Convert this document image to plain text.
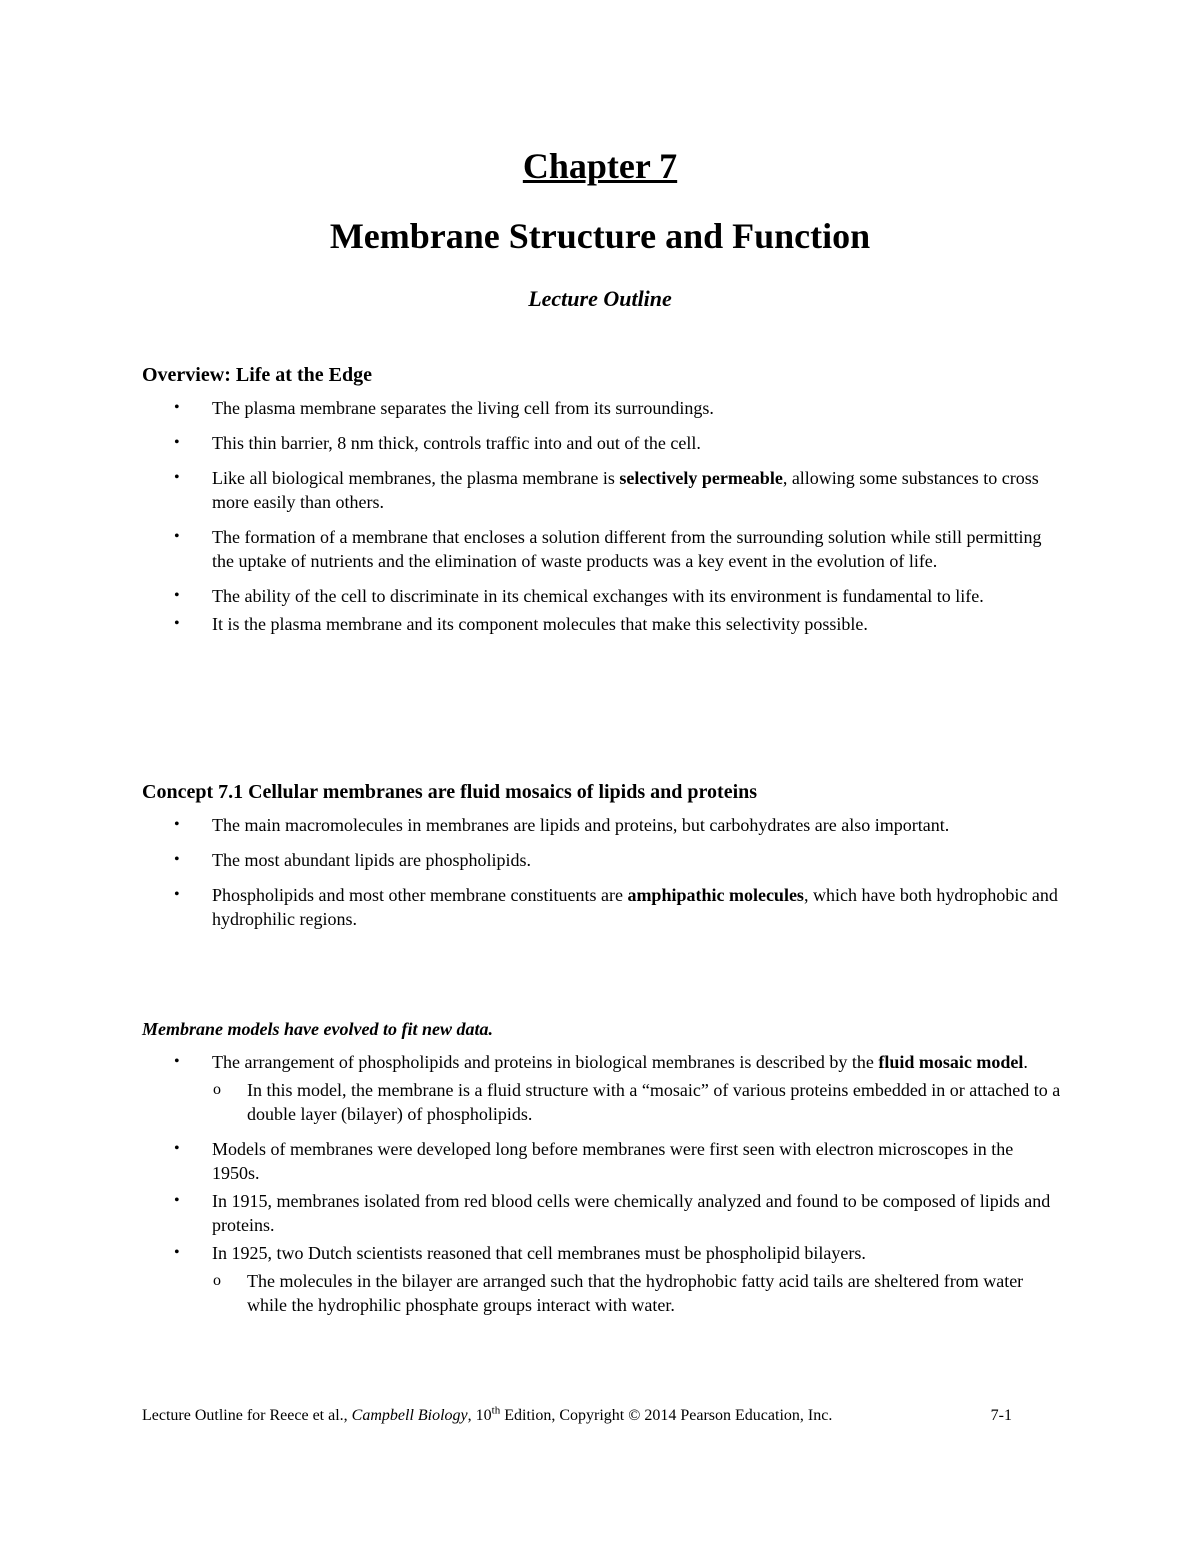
Chapter 7
Membrane Structure and Function
Lecture Outline
Overview: Life at the Edge
• The plasma membrane separates the living cell from its surroundings.
• This thin barrier, 8 nm thick, controls traffic into and out of the cell.
• Like all biological membranes, the plasma membrane is selectively permeable, allowing some substances to cross more easily than others.
• The formation of a membrane that encloses a solution different from the surrounding solution while still permitting the uptake of nutrients and the elimination of waste products was a key event in the evolution of life.
• The ability of the cell to discriminate in its chemical exchanges with its environment is fundamental to life.
• It is the plasma membrane and its component molecules that make this selectivity possible.
Concept 7.1 Cellular membranes are fluid mosaics of lipids and proteins
• The main macromolecules in membranes are lipids and proteins, but carbohydrates are also important.
• The most abundant lipids are phospholipids.
• Phospholipids and most other membrane constituents are amphipathic molecules, which have both hydrophobic and hydrophilic regions.
Membrane models have evolved to fit new data.
• The arrangement of phospholipids and proteins in biological membranes is described by the fluid mosaic model.
o In this model, the membrane is a fluid structure with a “mosaic” of various proteins embedded in or attached to a double layer (bilayer) of phospholipids.
• Models of membranes were developed long before membranes were first seen with electron microscopes in the 1950s.
• In 1915, membranes isolated from red blood cells were chemically analyzed and found to be composed of lipids and proteins.
• In 1925, two Dutch scientists reasoned that cell membranes must be phospholipid bilayers.
o The molecules in the bilayer are arranged such that the hydrophobic fatty acid tails are sheltered from water while the hydrophilic phosphate groups interact with water.
Lecture Outline for Reece et al., Campbell Biology, 10th Edition, Copyright © 2014 Pearson Education, Inc.	7-1
